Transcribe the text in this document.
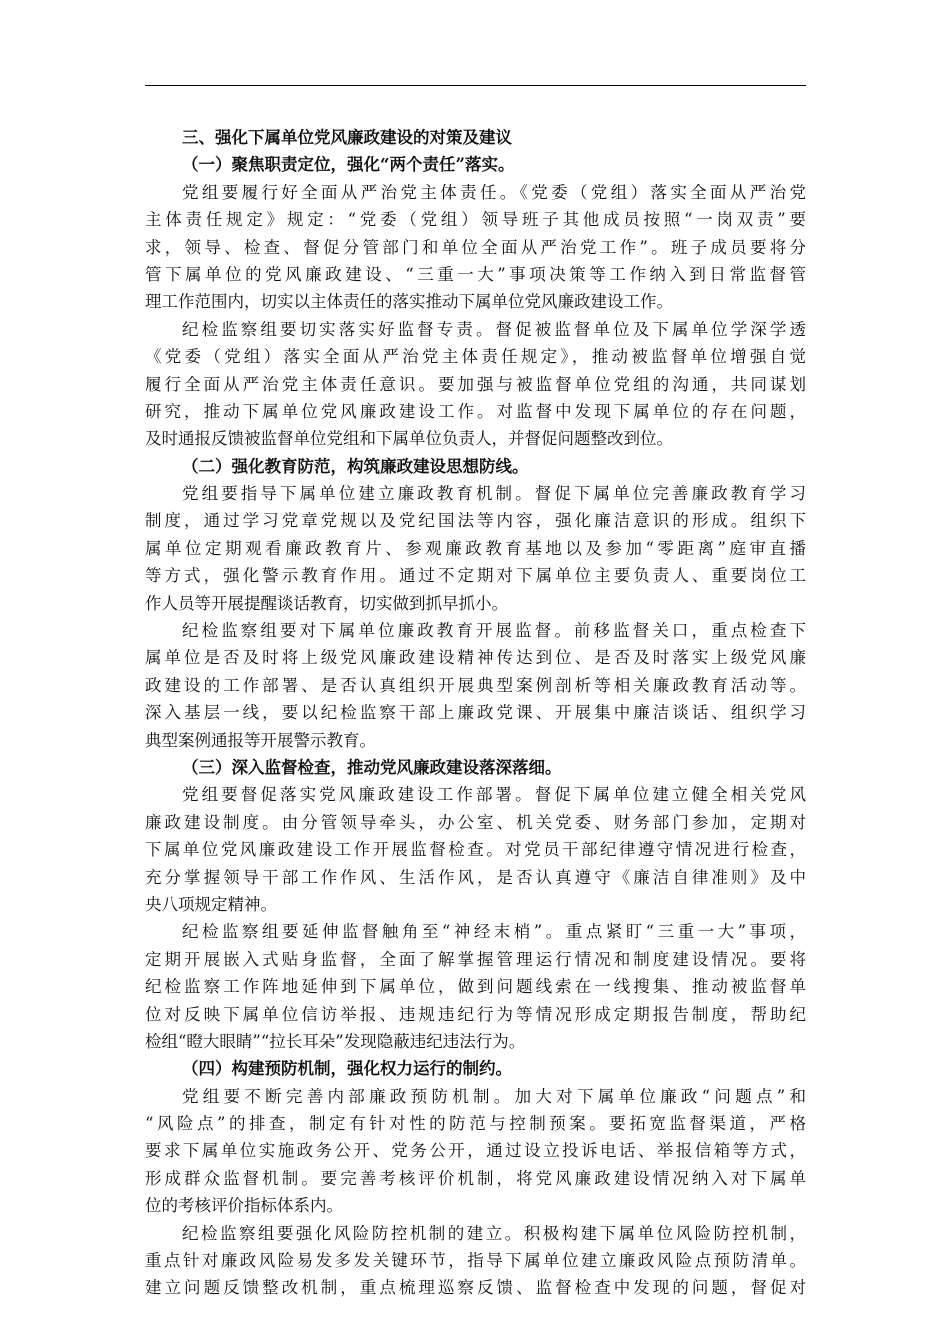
三、强化下属单位党风廉政建设的对策及建议
（一）聚焦职责定位，强化“两个责任”落实。
党组要履行好全面从严治党主体责任。《党委（党组）落实全面从严治党
主体责任规定》规定：“党委（党组）领导班子其他成员按照“一岗双责”要
求，领导、检查、督促分管部门和单位全面从严治党工作”。班子成员要将分
管下属单位的党风廉政建设、“三重一大”事项决策等工作纳入到日常监督管
理工作范围内，切实以主体责任的落实推动下属单位党风廉政建设工作。
纪检监察组要切实落实好监督专责。督促被监督单位及下属单位学深学透
《党委（党组）落实全面从严治党主体责任规定》，推动被监督单位增强自觉
履行全面从严治党主体责任意识。要加强与被监督单位党组的沟通，共同谋划
研究，推动下属单位党风廉政建设工作。对监督中发现下属单位的存在问题，
及时通报反馈被监督单位党组和下属单位负责人，并督促问题整改到位。
（二）强化教育防范，构筑廉政建设思想防线。
党组要指导下属单位建立廉政教育机制。督促下属单位完善廉政教育学习
制度，通过学习党章党规以及党纪国法等内容，强化廉洁意识的形成。组织下
属单位定期观看廉政教育片、参观廉政教育基地以及参加“零距离”庭审直播
等方式，强化警示教育作用。通过不定期对下属单位主要负责人、重要岗位工
作人员等开展提醒谈话教育，切实做到抓早抓小。
纪检监察组要对下属单位廉政教育开展监督。前移监督关口，重点检查下
属单位是否及时将上级党风廉政建设精神传达到位、是否及时落实上级党风廉
政建设的工作部署、是否认真组织开展典型案例剖析等相关廉政教育活动等。
深入基层一线，要以纪检监察干部上廉政党课、开展集中廉洁谈话、组织学习
典型案例通报等开展警示教育。
（三）深入监督检查，推动党风廉政建设落深落细。
党组要督促落实党风廉政建设工作部署。督促下属单位建立健全相关党风
廉政建设制度。由分管领导牵头，办公室、机关党委、财务部门参加，定期对
下属单位党风廉政建设工作开展监督检查。对党员干部纪律遵守情况进行检查，
充分掌握领导干部工作作风、生活作风，是否认真遵守《廉洁自律准则》及中
央八项规定精神。
纪检监察组要延伸监督触角至“神经末梢”。重点紧盯“三重一大”事项，
定期开展嵌入式贴身监督，全面了解掌握管理运行情况和制度建设情况。要将
纪检监察工作阵地延伸到下属单位，做到问题线索在一线搜集、推动被监督单
位对反映下属单位信访举报、违规违纪行为等情况形成定期报告制度，帮助纪
检组“瞪大眼睛”“拉长耳朵”发现隐蔽违纪违法行为。
（四）构建预防机制，强化权力运行的制约。
党组要不断完善内部廉政预防机制。加大对下属单位廉政“问题点”和
“风险点”的排查，制定有针对性的防范与控制预案。要拓宽监督渠道，严格
要求下属单位实施政务公开、党务公开，通过设立投诉电话、举报信箱等方式，
形成群众监督机制。要完善考核评价机制，将党风廉政建设情况纳入对下属单
位的考核评价指标体系内。
纪检监察组要强化风险防控机制的建立。积极构建下属单位风险防控机制，
重点针对廉政风险易发多发关键环节，指导下属单位建立廉政风险点预防清单。
建立问题反馈整改机制，重点梳理巡察反馈、监督检查中发现的问题，督促对
